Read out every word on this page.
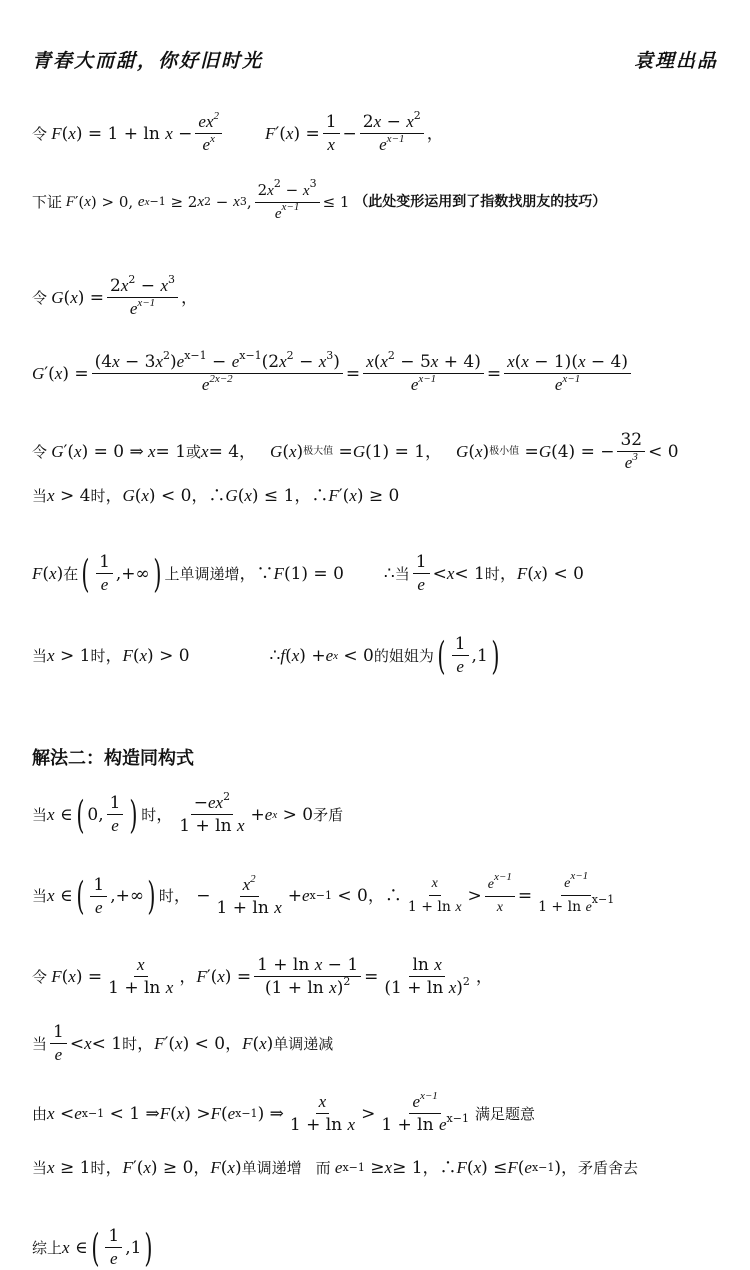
青春大而甜，你好旧时光	袁理出品
令 F ( x ) = $1 + \ln x - \frac{ex^2}{e^x}$	F ′( x ) = $\frac{1}{x} - \frac{2x - x^2}{e^{x-1}}$ ，
下证 F ′( x ) > 0, e x−1 ≥ 2 x 2 − x 3 , $\frac{2x^2 - x^3}{e^{x-1}} \le 1$ （此处变形运用到了指数找朋友的技巧）
令 G ( x ) = $\frac{2x^2 - x^3}{e^{x-1}}$ ，
G ′( x ) = $\frac{(4x - 3x^2)e^{x-1} - e^{x-1}(2x^2 - x^3)}{e^{2x-2}} = \frac{x(x^2 - 5x + 4)}{e^{x-1}} = \frac{x(x - 1)(x - 4)}{e^{x-1}}$
令 G ′( x ) = 0 ⇒ x = 1 或 x = 4， G ( x ) 极大值 = G (1) = 1， G ( x ) 极小值 = G (4) = − $\frac{32}{e^3} < 0$
当 x > 4 时 ， G ( x ) < 0，∴ G ( x ) ≤ 1，∴ F ′( x ) ≥ 0
F ( x ) 在 ( $\frac{1}{e}$ ,+∞ ) 上单调递增 ，∵ F (1) = 0
∴ 当 $\frac{1}{e} < x < 1$ 时 ， F ( x ) < 0
当 x > 1 时 ， F ( x ) > 0	∴ f ( x ) + e x < 0 的姐姐为 ( $\frac{1}{e} ,1$ )
解法二：构造同构式
当 x ∈ ( 0, $\frac{1}{e}$ ) 时 ， $\frac{-ex^2}{\text{1 + ln x}} + e$ x > 0 矛盾
当 x ∈ ( $\frac{1}{e}$ ,+∞ ) 时 ， − $\frac{x^2}{\text{1 + ln x}} + e$ x−1 < 0，∴ $\frac{x}{\text{1 + ln x}} > \frac{e^{x-1}}{x} = \frac{e^{x-1}}{1 + \ln e^{x-1}}$
令 F ( x ) = $\frac{x}{\text{1 + ln x}}$ ， F ′( x ) = $\frac{\text{1 + ln x − 1}}{(1 + \ln x)^2} = \frac{\text{ln x}}{(1 + \ln x)^2}$ ，
当 $\frac{1}{e} < x < 1$ 时 ， F ′( x ) < 0， F ( x ) 单调递减
由 x < e x−1 < 1 ⇒ F ( x ) > F ( e x−1 ) ⇒ $\frac{x}{\text{1 + ln x}} > \frac{e^{x-1}}{1 + \ln e^{x-1}}$ 满足题意
当 x ≥ 1 时 ， F ′( x ) ≥ 0， F ( x ) 单调递增 而 e x−1 ≥ x ≥ 1，∴ F ( x ) ≤ F ( e x−1 )， 矛盾舍去
综上 x ∈ ( $\frac{1}{e} ,1$ )
